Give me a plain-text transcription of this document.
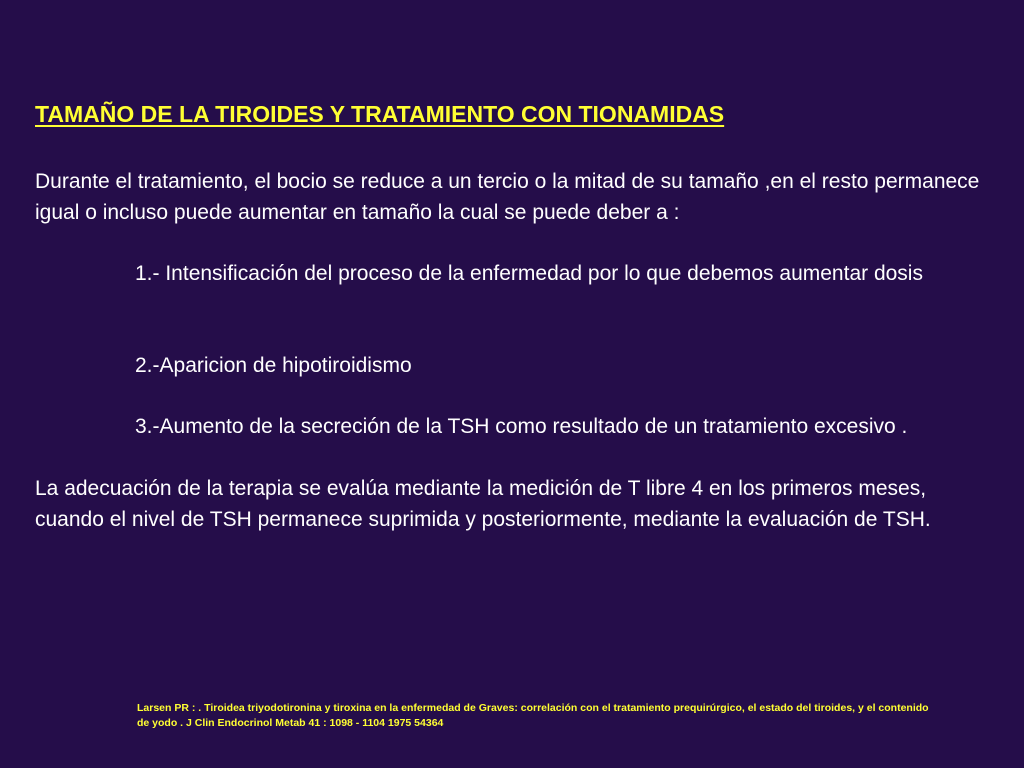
TAMAÑO DE LA TIROIDES Y TRATAMIENTO CON TIONAMIDAS

Durante el tratamiento, el bocio se reduce a un tercio o la mitad de su tamaño ,en el resto permanece igual o incluso puede aumentar en tamaño la cual se puede deber a :

1.- Intensificación del proceso de la enfermedad por lo que debemos aumentar dosis

2.-Aparicion de hipotiroidismo

3.-Aumento de la secreción de la TSH como resultado de un tratamiento excesivo .

La adecuación de la terapia se evalúa mediante la medición de T libre 4 en los primeros meses, cuando el nivel de TSH permanece suprimida y posteriormente, mediante la evaluación de TSH.

Larsen PR : . Tiroidea triyodotironina y tiroxina en la enfermedad de Graves: correlación con el tratamiento prequirúrgico, el estado del tiroides, y el contenido de yodo . J Clin Endocrinol Metab 41 : 1098 - 1104 1975 54364
